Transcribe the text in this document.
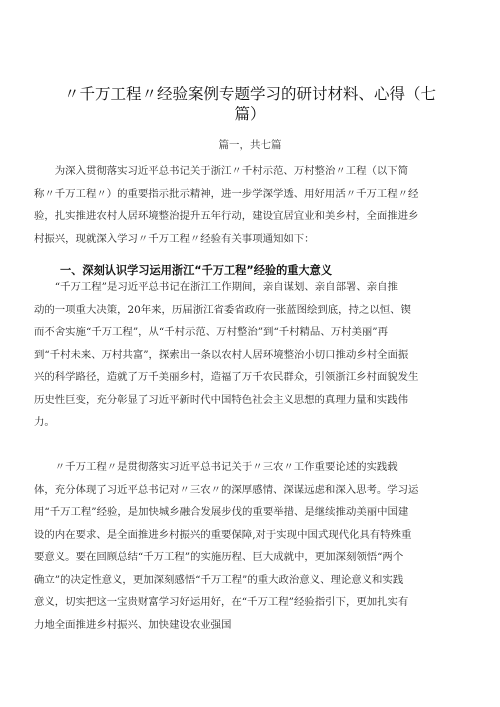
〃千万工程〃经验案例专题学习的研讨材料、心得（七
篇）
篇一，共七篇

为深入贯彻落实习近平总书记关于浙江〃千村示范、万村整治〃工程（以下简
称〃千万工程〃）的重要指示批示精神，进一步学深学透、用好用活〃千万工程〃经
验，扎实推进农村人居环境整治提升五年行动，建设宜居宜业和美乡村，全面推进乡
村振兴，现就深入学习〃千万工程〃经验有关事项通知如下：

一、深刻认识学习运用浙江“千万工程”经验的重大意义

“千万工程”是习近平总书记在浙江工作期间，亲自谋划、亲自部署、亲自推
动的一项重大决策，20年来，历届浙江省委省政府一张蓝图绘到底，持之以恒、锲
而不舍实施“千万工程”，从“千村示范、万村整治”到“千村精品、万村美丽”再
到“千村未来、万村共富”，探索出一条以农村人居环境整治小切口推动乡村全面振
兴的科学路径，造就了万千美丽乡村，造福了万千农民群众，引领浙江乡村面貌发生
历史性巨变，充分彰显了习近平新时代中国特色社会主义思想的真理力量和实践伟
力。

〃千万工程〃是贯彻落实习近平总书记关于〃三农〃工作重要论述的实践载
体，充分体现了习近平总书记对〃三农〃的深厚感情、深谋远虑和深入思考。学习运
用“千万工程”经验，是加快城乡融合发展步伐的重要举措、是继续推动美丽中国建
设的内在要求、是全面推进乡村振兴的重要保障,对于实现中国式现代化具有特殊重
要意义。要在回顾总结“千万工程”的实施历程、巨大成就中，更加深刻领悟“两个
确立”的决定性意义，更加深刻感悟“千万工程”的重大政治意义、理论意义和实践
意义，切实把这一宝贵财富学习好运用好，在“千万工程”经验指引下，更加扎实有
力地全面推进乡村振兴、加快建设农业强国
